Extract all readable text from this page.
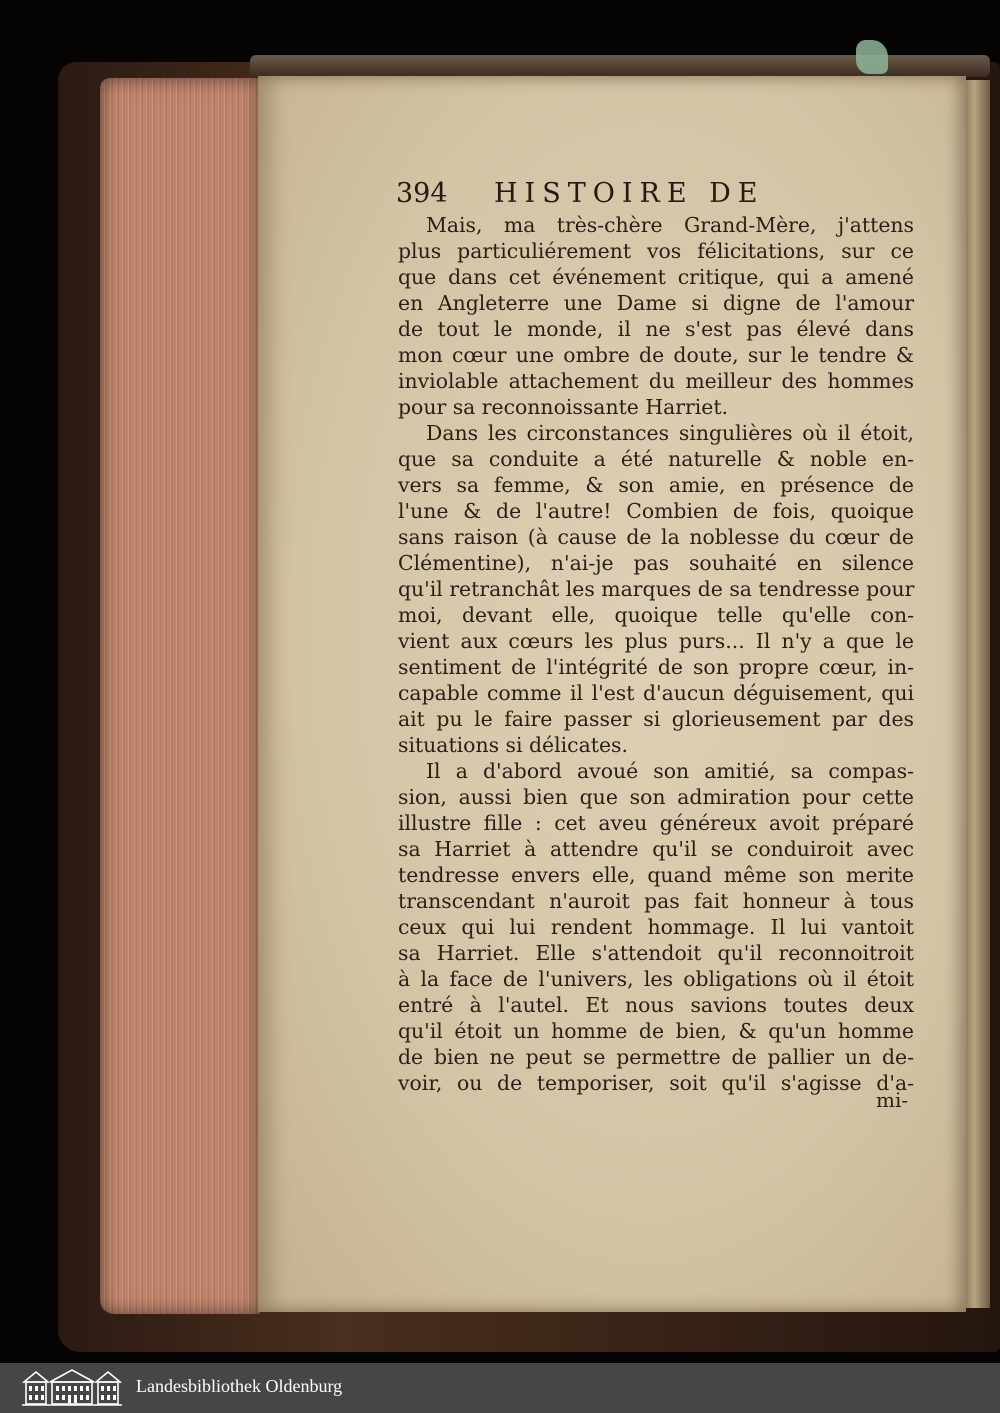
394 HISTOIRE DE
Mais, ma très-chère Grand-Mère, j'attens
plus particuliérement vos félicitations, sur ce
que dans cet événement critique, qui a amené
en Angleterre une Dame si digne de l'amour
de tout le monde, il ne s'est pas élevé dans
mon cœur une ombre de doute, sur le tendre &
inviolable attachement du meilleur des hommes
pour sa reconnoissante Harriet.
Dans les circonstances singulières où il étoit,
que sa conduite a été naturelle & noble en-
vers sa femme, & son amie, en présence de
l'une & de l'autre! Combien de fois, quoique
sans raison (à cause de la noblesse du cœur de
Clémentine), n'ai-je pas souhaité en silence
qu'il retranchât les marques de sa tendresse pour
moi, devant elle, quoique telle qu'elle con-
vient aux cœurs les plus purs... Il n'y a que le
sentiment de l'intégrité de son propre cœur, in-
capable comme il l'est d'aucun déguisement, qui
ait pu le faire passer si glorieusement par des
situations si délicates.
Il a d'abord avoué son amitié, sa compas-
sion, aussi bien que son admiration pour cette
illustre fille : cet aveu généreux avoit préparé
sa Harriet à attendre qu'il se conduiroit avec
tendresse envers elle, quand même son merite
transcendant n'auroit pas fait honneur à tous
ceux qui lui rendent hommage. Il lui vantoit
sa Harriet. Elle s'attendoit qu'il reconnoitroit
à la face de l'univers, les obligations où il étoit
entré à l'autel. Et nous savions toutes deux
qu'il étoit un homme de bien, & qu'un homme
de bien ne peut se permettre de pallier un de-
voir, ou de temporiser, soit qu'il s'agisse d'a-
mi-
Landesbibliothek Oldenburg
